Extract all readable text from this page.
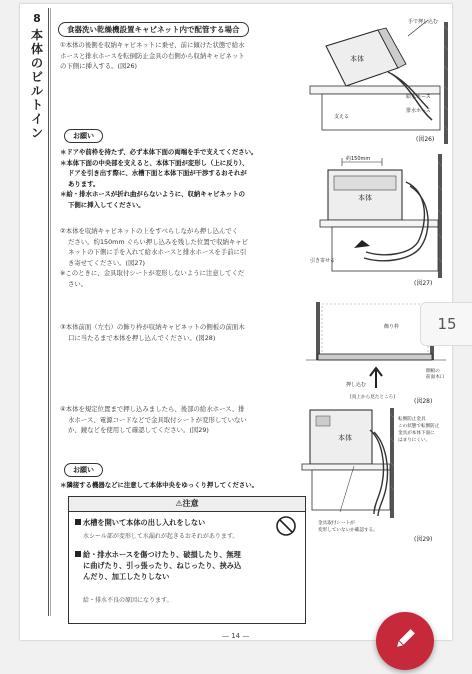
8
本
体
の
ビ
ル
ト
イ
ン
食器洗い乾燥機設置キャビネット内で配管する場合
①本体の後側を収納キャビネットに乗せ、前に傾けた状態で給水
ホースと排水ホースを転倒防止金具の右側から収納キャビネット
の下側に挿入する。(図26)
本体
手で押し込む
支える
給水ホース
排水ホース
(図26)
お願い
＊ドアや前枠を持たず、必ず本体下面の両端を手で支えてください。
＊本体下面の中央部を支えると、本体下面が変形し（上に反り）、
ドアを引き出す際に、水槽下面と本体下面が干渉するおそれが
あります。
＊給・排水ホースが折れ曲がらないように、収納キャビネットの
下側に挿入してください。
②本体を収納キャビネットの上をすべらしながら押し込んでく
ださい。約150mm ぐらい押し込みを残した位置で収納キャビ
ネットの下側に手を入れて給水ホースと排水ホースを手前に引
き寄せてください。(図27)
※このときに、金具取付シートが変形しないように注意してくだ
さい。
約150mm
本体
引き寄せる
(図27)
③本体前面（左右）の飾り枠が収納キャビネットの側板の前面木
口に当たるまで本体を押し込んでください。(図28)
飾り枠
押し込む
[真上から見たところ]
側板の前面木口
(図28)
④本体を規定位置まで押し込みましたら、後部の給水ホース、排
水ホース、電源コードなどで金具取付シートが変形していない
か、鏡などを使用して確認してください。(図29)
本体
転倒防止金具この状態で転倒防止 金具が本体下面にはまりにくい。
金具取付シートが変形していないか確認する。
(図29)
お願い
＊隣接する機器などに注意して本体中央をゆっくり押してください。
⚠注意
水槽を開いて本体の出し入れをしない
水シール部が変形して水漏れが起きるおそれがあります。
給・排水ホースを傷つけたり、破損したり、無理
に曲げたり、引っ張ったり、ねじったり、挟み込
んだり、加工したりしない
給・排水不良の原因になります。
— 14 —
15
